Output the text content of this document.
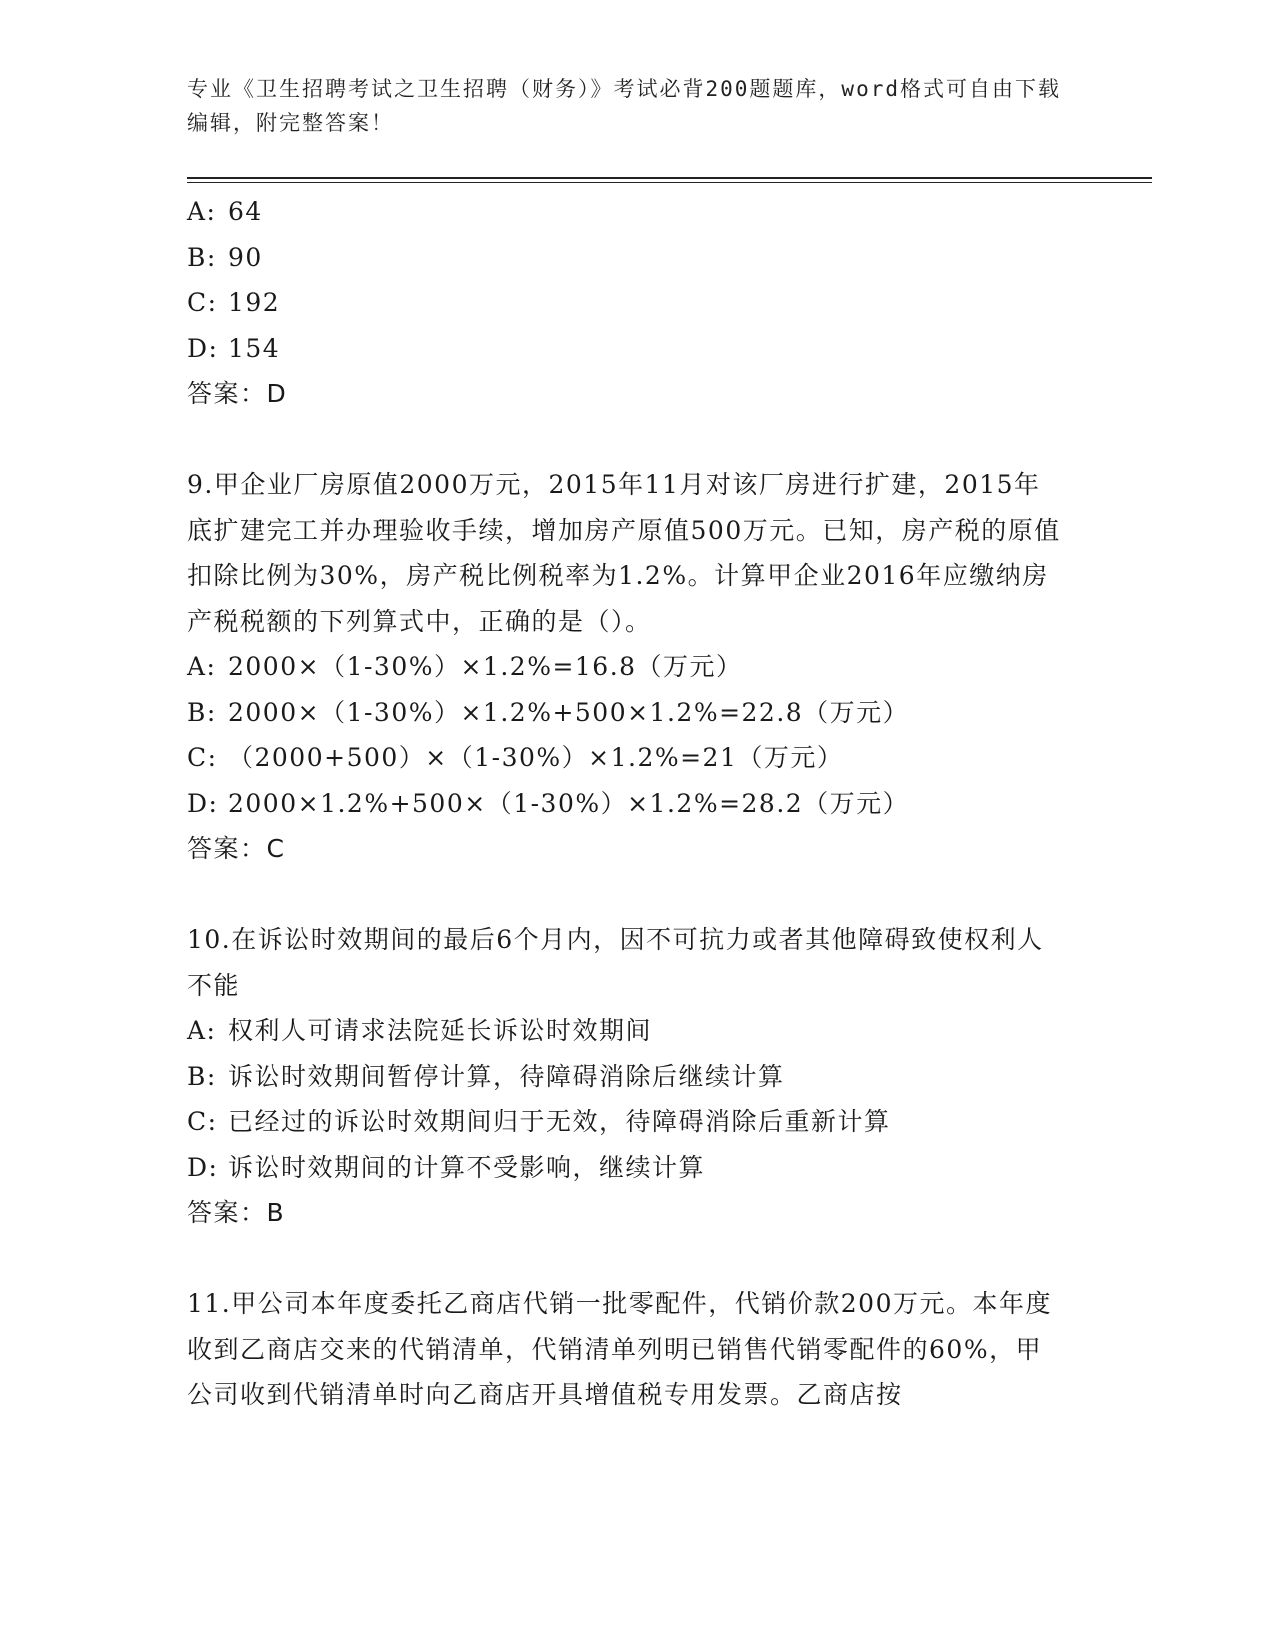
专业《卫生招聘考试之卫生招聘（财务）》考试必背200题题库，word格式可自由下载编辑，附完整答案！

A: 64

B: 90

C: 192

D: 154

答案：D

9.甲企业厂房原值2000万元，2015年11月对该厂房进行扩建，2015年底扩建完工并办理验收手续，增加房产原值500万元。已知，房产税的原值扣除比例为30%，房产税比例税率为1.2%。计算甲企业2016年应缴纳房产税税额的下列算式中，正确的是（）。

A: 2000×（1-30%）×1.2%=16.8（万元）

B: 2000×（1-30%）×1.2%+500×1.2%=22.8（万元）

C: （2000+500）×（1-30%）×1.2%=21（万元）

D: 2000×1.2%+500×（1-30%）×1.2%=28.2（万元）

答案：C

10.在诉讼时效期间的最后6个月内，因不可抗力或者其他障碍致使权利人不能

A: 权利人可请求法院延长诉讼时效期间

B: 诉讼时效期间暂停计算，待障碍消除后继续计算

C: 已经过的诉讼时效期间归于无效，待障碍消除后重新计算

D: 诉讼时效期间的计算不受影响，继续计算

答案：B

11.甲公司本年度委托乙商店代销一批零配件，代销价款200万元。本年度收到乙商店交来的代销清单，代销清单列明已销售代销零配件的60%，甲公司收到代销清单时向乙商店开具增值税专用发票。乙商店按
